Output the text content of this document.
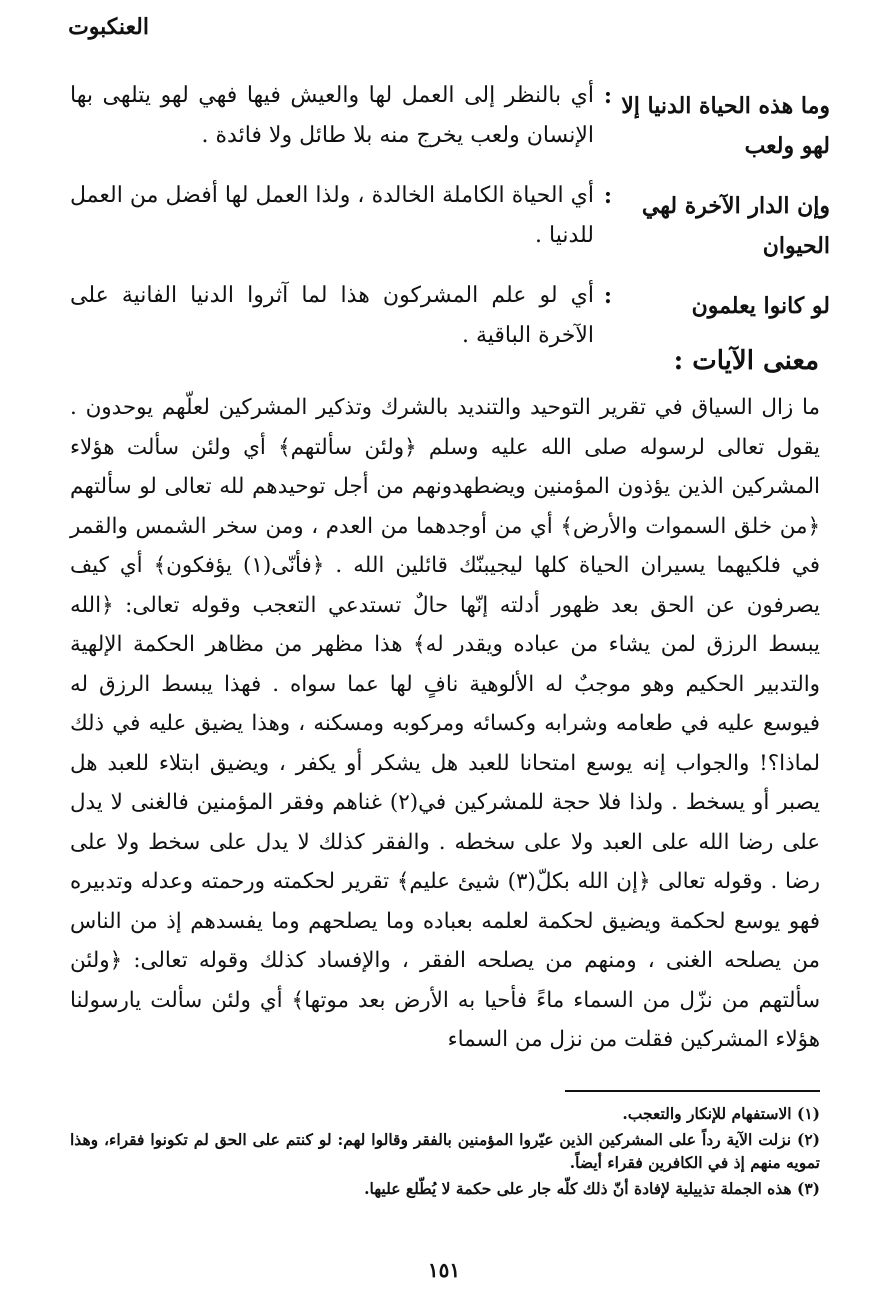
العنكبوت
وما هذه الحياة الدنيا إلا لهو ولعب
: أي بالنظر إلى العمل لها والعيش فيها فهي لهو يتلهى بها الإنسان ولعب يخرج منه بلا طائل ولا فائدة .
وإن الدار الآخرة لهي الحيوان
: أي الحياة الكاملة الخالدة ، ولذا العمل لها أفضل من العمل للدنيا .
لو كانوا يعلمون
: أي لو علم المشركون هذا لما آثروا الدنيا الفانية على الآخرة الباقية .
معنى الآيات :

ما زال السياق في تقرير التوحيد والتنديد بالشرك وتذكير المشركين لعلّهم يوحدون . يقول تعالى لرسوله صلى الله عليه وسلم ﴿ولئن سألتهم﴾ أي ولئن سألت هؤلاء المشركين الذين يؤذون المؤمنين ويضطهدونهم من أجل توحيدهم لله تعالى لو سألتهم ﴿من خلق السموات والأرض﴾ أي من أوجدهما من العدم ، ومن سخر الشمس والقمر في فلكيهما يسيران الحياة كلها ليجيبنّك قائلين الله . ﴿فأنّى(١) يؤفكون﴾ أي كيف يصرفون عن الحق بعد ظهور أدلته إنّها حالٌ تستدعي التعجب وقوله تعالى: ﴿الله يبسط الرزق لمن يشاء من عباده ويقدر له﴾ هذا مظهر من مظاهر الحكمة الإلهية والتدبير الحكيم وهو موجبٌ له الألوهية نافٍ لها عما سواه . فهذا يبسط الرزق له فيوسع عليه في طعامه وشرابه وكسائه ومركوبه ومسكنه ، وهذا يضيق عليه في ذلك لماذا؟! والجواب إنه يوسع امتحانا للعبد هل يشكر أو يكفر ، ويضيق ابتلاء للعبد هل يصبر أو يسخط . ولذا فلا حجة للمشركين في(٢) غناهم وفقر المؤمنين فالغنى لا يدل على رضا الله على العبد ولا على سخطه . والفقر كذلك لا يدل على سخط ولا على رضا . وقوله تعالى ﴿إن الله بكلّ(٣) شيئ عليم﴾ تقرير لحكمته ورحمته وعدله وتدبيره فهو يوسع لحكمة ويضيق لحكمة لعلمه بعباده وما يصلحهم وما يفسدهم إذ من الناس من يصلحه الغنى ، ومنهم من يصلحه الفقر ، والإفساد كذلك وقوله تعالى: ﴿ولئن سألتهم من نزّل من السماء ماءً فأحيا به الأرض بعد موتها﴾ أي ولئن سألت يارسولنا هؤلاء المشركين فقلت من نزل من السماء

(١) الاستفهام للإنكار والتعجب.

(٢) نزلت الآية رداً على المشركين الذين عيّروا المؤمنين بالفقر وقالوا لهم: لو كنتم على الحق لم تكونوا فقراء، وهذا تمويه منهم إذ في الكافرين فقراء أيضاً.

(٣) هذه الجملة تذييلية لإفادة أنّ ذلك كلّه جار على حكمة لا يُطّلع عليها.

١٥١
